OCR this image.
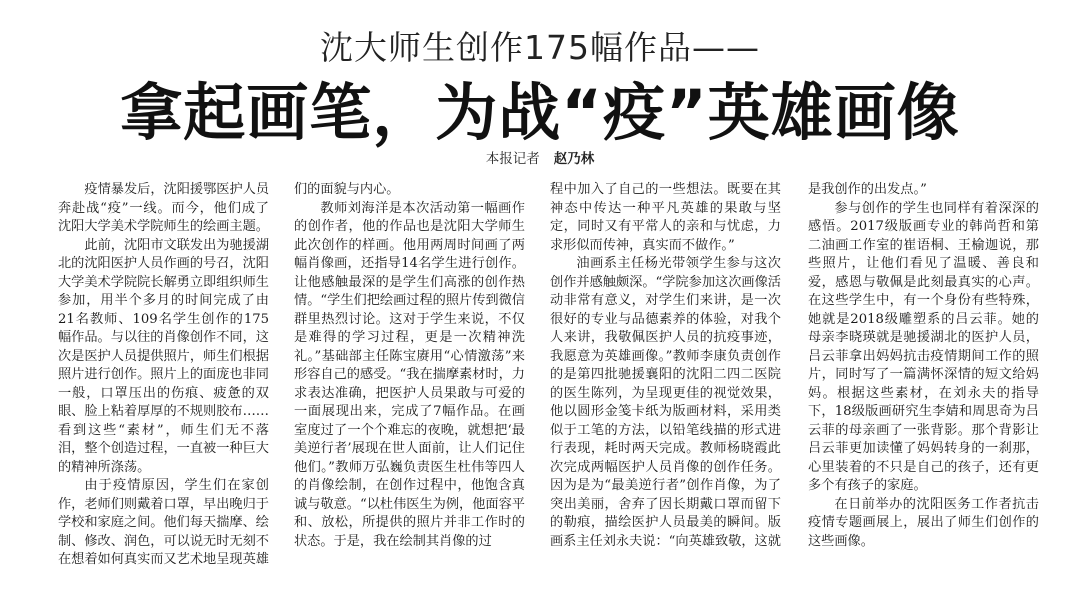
沈大师生创作175幅作品——
拿起画笔，为战“疫”英雄画像
本报记者 赵乃林

疫情暴发后，沈阳援鄂医护人员奔赴战“疫”一线。而今，他们成了沈阳大学美术学院师生的绘画主题。

此前，沈阳市文联发出为驰援湖北的沈阳医护人员作画的号召，沈阳大学美术学院院长解勇立即组织师生参加，用半个多月的时间完成了由21名教师、109名学生创作的175幅作品。与以往的肖像创作不同，这次是医护人员提供照片，师生们根据照片进行创作。照片上的面庞也非同一般，口罩压出的伤痕、疲惫的双眼、脸上粘着厚厚的不规则胶布……看到这些“素材”，师生们无不落泪，整个创造过程，一直被一种巨大的精神所涤荡。

由于疫情原因，学生们在家创作，老师们则戴着口罩，早出晚归于学校和家庭之间。他们每天揣摩、绘制、修改、润色，可以说无时无刻不在想着如何真实而又艺术地呈现英雄

们的面貌与内心。

教师刘海洋是本次活动第一幅画作的创作者，他的作品也是沈阳大学师生此次创作的样画。他用两周时间画了两幅肖像画，还指导14名学生进行创作。让他感触最深的是学生们高涨的创作热情。“学生们把绘画过程的照片传到微信群里热烈讨论。这对于学生来说，不仅是难得的学习过程，更是一次精神洗礼。”基础部主任陈宝赓用“心情激荡”来形容自己的感受。“我在揣摩素材时，力求表达准确，把医护人员果敢与可爱的一面展现出来，完成了7幅作品。在画室度过了一个个难忘的夜晚，就想把‘最美逆行者’展现在世人面前，让人们记住他们。”教师万弘巍负责医生杜伟等四人的肖像绘制，在创作过程中，他饱含真诚与敬意。“以杜伟医生为例，他面容平和、放松，所提供的照片并非工作时的状态。于是，我在绘制其肖像的过

程中加入了自己的一些想法。既要在其神态中传达一种平凡英雄的果敢与坚定，同时又有平常人的亲和与忧虑，力求形似而传神，真实而不做作。”

油画系主任杨光带领学生参与这次创作并感触颇深。“学院参加这次画像活动非常有意义，对学生们来讲，是一次很好的专业与品德素养的体验，对我个人来讲，我敬佩医护人员的抗疫事迹，我愿意为英雄画像。”教师李康负责创作的是第四批驰援襄阳的沈阳二四二医院的医生陈列，为呈现更佳的视觉效果，他以圆形金笺卡纸为版画材料，采用类似于工笔的方法，以铅笔线描的形式进行表现，耗时两天完成。教师杨晓霞此次完成两幅医护人员肖像的创作任务。因为是为“最美逆行者”创作肖像，为了突出美丽，舍弃了因长期戴口罩而留下的勒痕，描绘医护人员最美的瞬间。版画系主任刘永夫说：“向英雄致敬，这就

是我创作的出发点。”

参与创作的学生也同样有着深深的感悟。2017级版画专业的韩尚哲和第二油画工作室的崔语桐、王榆迦说，那些照片，让他们看见了温暖、善良和爱，感恩与敬佩是此刻最真实的心声。在这些学生中，有一个身份有些特殊，她就是2018级雕塑系的吕云菲。她的母亲李晓瑛就是驰援湖北的医护人员，吕云菲拿出妈妈抗击疫情期间工作的照片，同时写了一篇满怀深情的短文给妈妈。根据这些素材，在刘永夫的指导下，18级版画研究生李婧和周思奇为吕云菲的母亲画了一张背影。那个背影让吕云菲更加读懂了妈妈转身的一刹那，心里装着的不只是自己的孩子，还有更多个有孩子的家庭。

在日前举办的沈阳医务工作者抗击疫情专题画展上，展出了师生们创作的这些画像。
